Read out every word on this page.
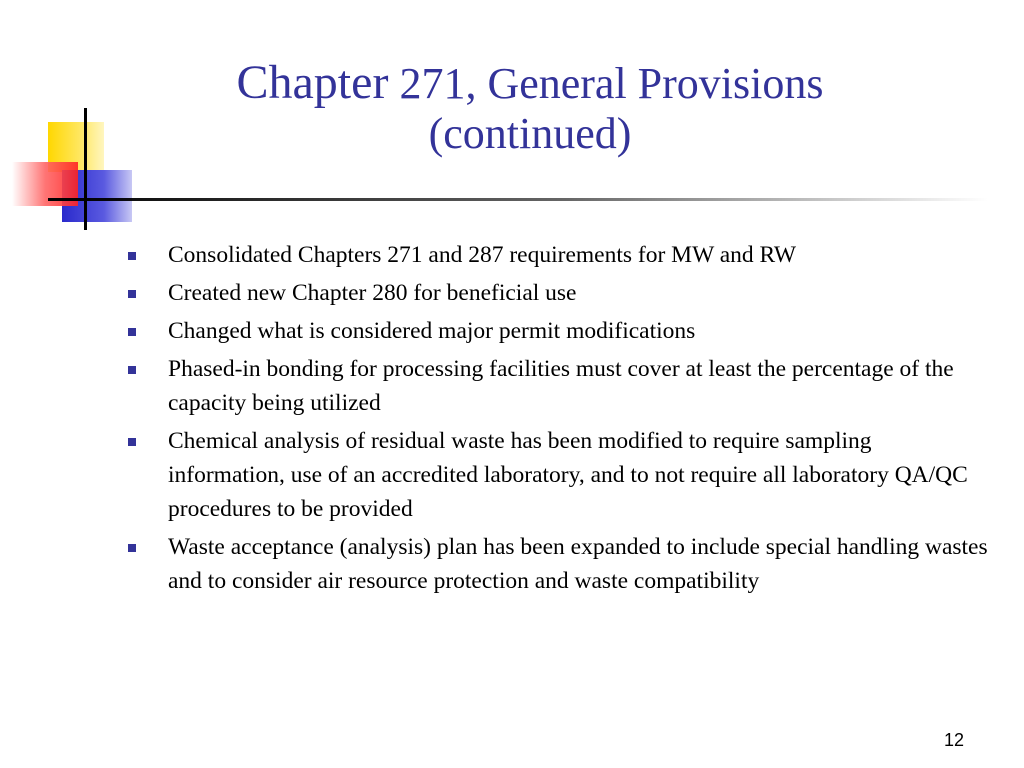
Chapter 271, General Provisions
(continued)
Consolidated Chapters 271 and 287 requirements for MW and RW
Created new Chapter 280 for beneficial use
Changed what is considered major permit modifications
Phased-in bonding for processing facilities must cover at least the percentage of the capacity being utilized
Chemical analysis of residual waste has been modified to require sampling information, use of an accredited laboratory, and to not require all laboratory QA/QC procedures to be provided
Waste acceptance (analysis) plan has been expanded to include special handling wastes and to consider air resource protection and waste compatibility
12
